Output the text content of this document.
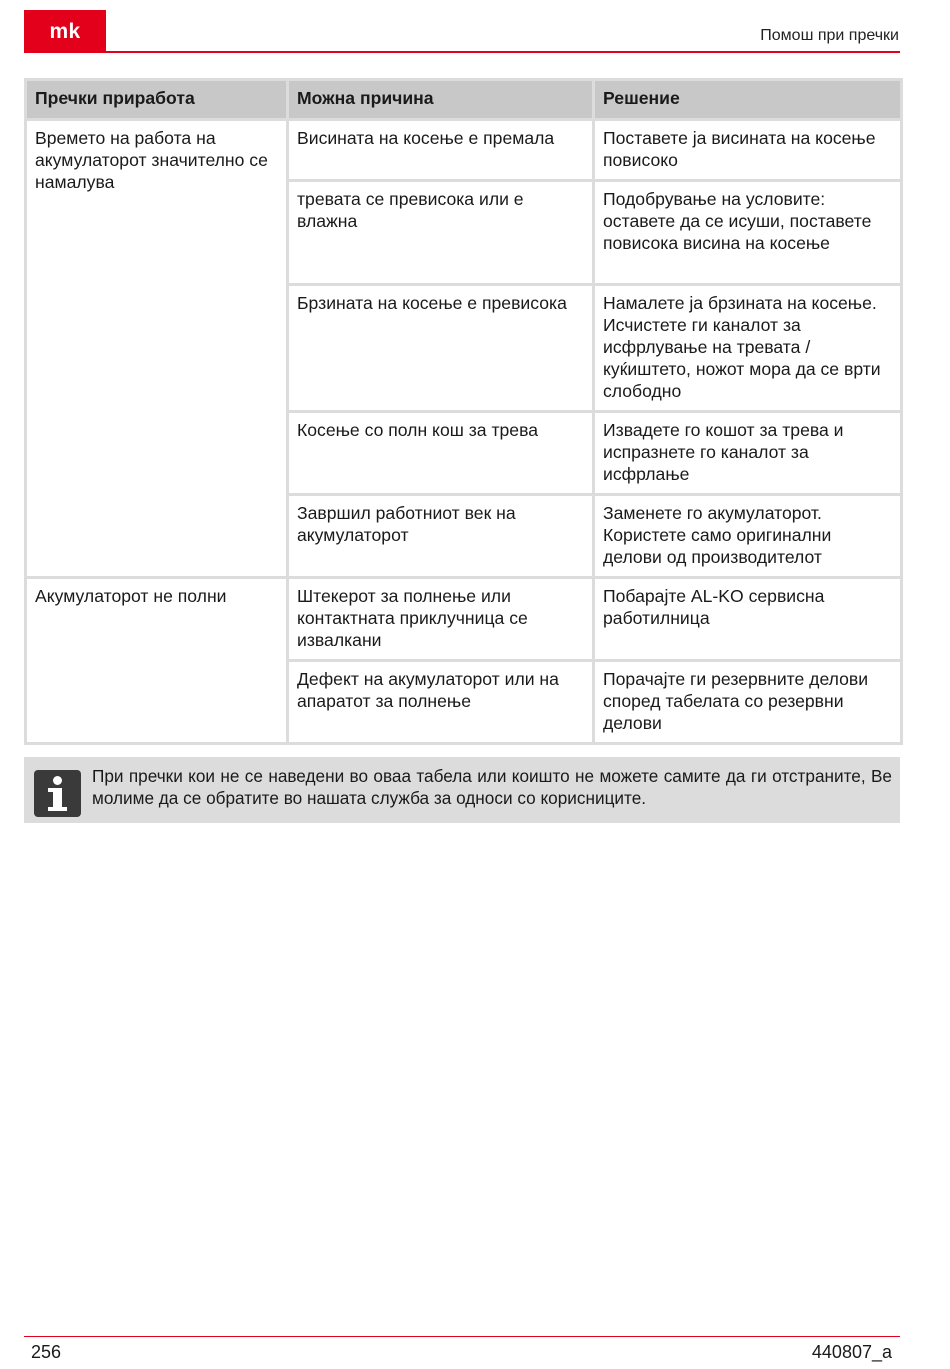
mk	Помош при пречки
Пречки приработа	Можна причина	Решение
Времето на работа на акумулаторот значително се намалува	Висината на косење е премала	Поставете ја висината на косење повисоко
	тревата се превисока или е влажна	Подобрување на условите: оставете да се исуши, поставете повисока висина на косење
	Брзината на косење е превисока	Намалете ја брзината на косење. Исчистете ги каналот за исфрлување на тревата / куќиштето, ножот мора да се врти слободно
	Косење со полн кош за трева	Извадете го кошот за трева и испразнете го каналот за исфрлање
	Завршил работниот век на акумулаторот	Заменете го акумулаторот. Користете само оригинални делови од производителот
Акумулаторот не полни	Штекерот за полнење или контактната приклучница се извалкани	Побарајте AL-KO сервисна работилница
	Дефект на акумулаторот или на апаратот за полнење	Порачајте ги резервните делови според табелата со резервни делови
При пречки кои не се наведени во оваа табела или коишто не можете самите да ги отстраните, Ве молиме да се обратите во нашата служба за односи со корисниците.
256	440807_a
